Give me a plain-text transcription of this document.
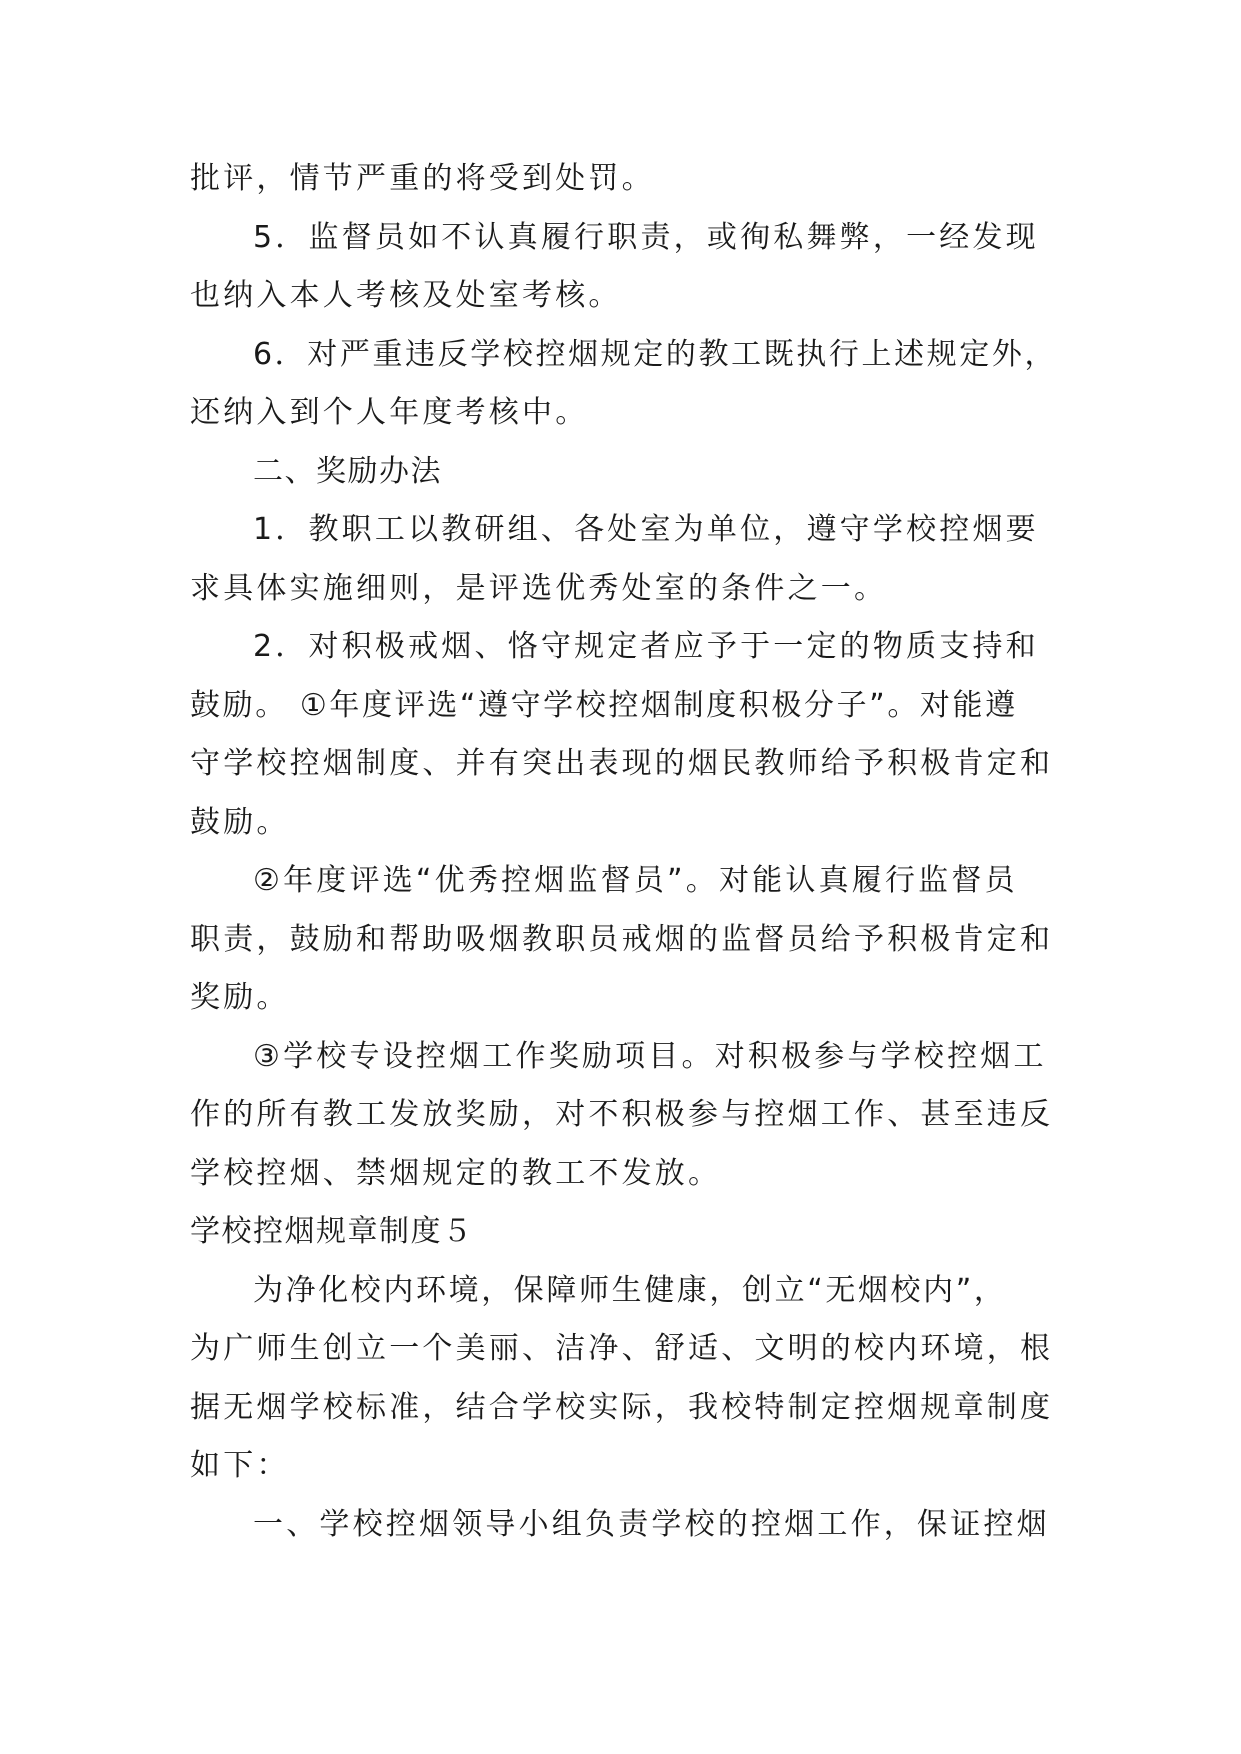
批评，情节严重的将受到处罚。
5．监督员如不认真履行职责，或徇私舞弊，一经发现
也纳入本人考核及处室考核。
6．对严重违反学校控烟规定的教工既执行上述规定外，
还纳入到个人年度考核中。
二、奖励办法
1．教职工以教研组、各处室为单位，遵守学校控烟要
求具体实施细则，是评选优秀处室的条件之一。
2．对积极戒烟、恪守规定者应予于一定的物质支持和
鼓励。 ①年度评选“遵守学校控烟制度积极分子”。对能遵
守学校控烟制度、并有突出表现的烟民教师给予积极肯定和
鼓励。
②年度评选“优秀控烟监督员”。对能认真履行监督员
职责，鼓励和帮助吸烟教职员戒烟的监督员给予积极肯定和
奖励。
③学校专设控烟工作奖励项目。对积极参与学校控烟工
作的所有教工发放奖励，对不积极参与控烟工作、甚至违反
学校控烟、禁烟规定的教工不发放。
学校控烟规章制度５
为净化校内环境，保障师生健康，创立“无烟校内”，
为广师生创立一个美丽、洁净、舒适、文明的校内环境，根
据无烟学校标准，结合学校实际，我校特制定控烟规章制度
如下：
一、学校控烟领导小组负责学校的控烟工作，保证控烟
